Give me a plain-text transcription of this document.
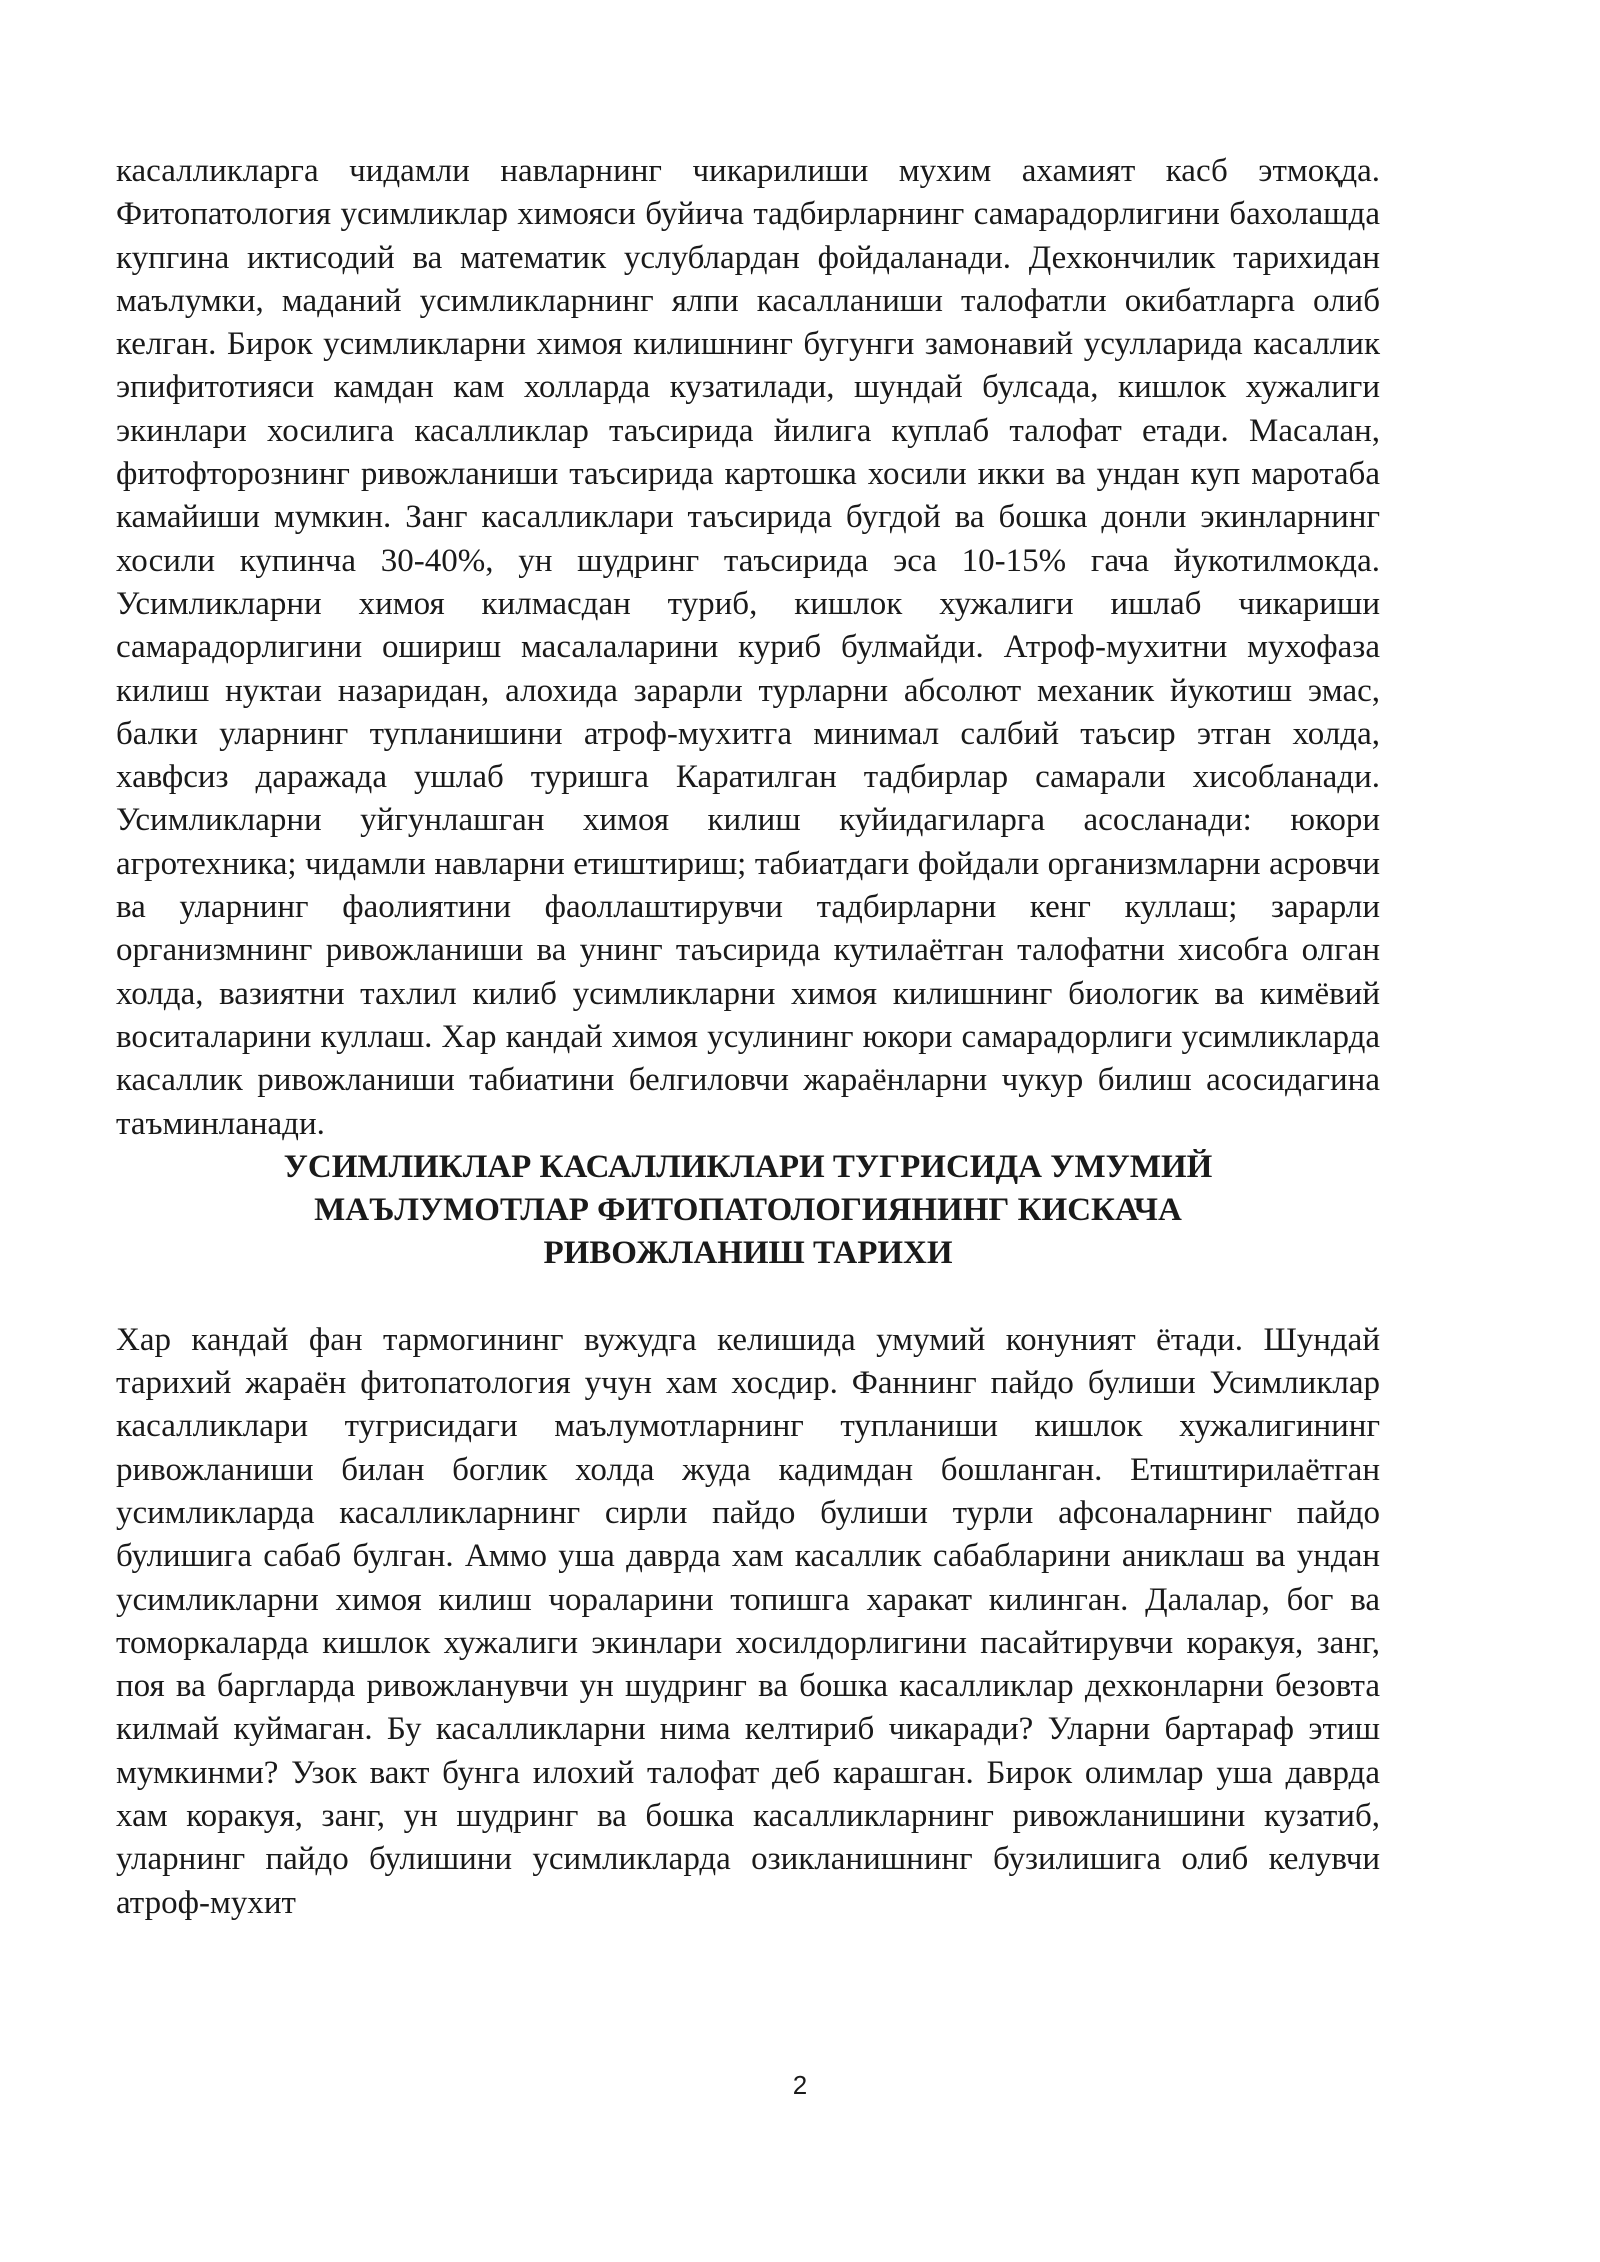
касалликларга чидамли навларнинг чикарилиши мухим ахамият касб этмоқда. Фитопатология усимликлар химояси буйича тадбирларнинг самарадорлигини бахолашда купгина иктисодий ва математик услублардан фойдаланади. Дехкончилик тарихидан маълумки, маданий усимликларнинг ялпи касалланиши талофатли окибатларга олиб келган. Бирок усимликларни химоя килишнинг бугунги замонавий усулларида касаллик эпифитотияси камдан кам холларда кузатилади, шундай булсада, кишлок хужалиги экинлари хосилига касалликлар таъсирида йилига куплаб талофат етади. Масалан, фитофторознинг ривожланиши таъсирида картошка хосили икки ва ундан куп маротаба камайиши мумкин. Занг касалликлари таъсирида бугдой ва бошка донли экинларнинг хосили купинча 30-40%, ун шудринг таъсирида эса 10-15% гача йукотилмокда. Усимликларни химоя килмасдан туриб, кишлок хужалиги ишлаб чикариши самарадорлигини ошириш масалаларини куриб булмайди. Атроф-мухитни мухофаза килиш нуктаи назаридан, алохида зарарли турларни абсолют механик йукотиш эмас, балки уларнинг тупланишини атроф-мухитга минимал салбий таъсир этган холда, хавфсиз даражада ушлаб туришга Каратилган тадбирлар самарали хисобланади. Усимликларни уйгунлашган химоя килиш куйидагиларга асосланади: юкори агротехника; чидамли навларни етиштириш; табиатдаги фойдали организмларни асровчи ва уларнинг фаолиятини фаоллаштирувчи тадбирларни кенг куллаш; зарарли организмнинг ривожланиши ва унинг таъсирида кутилаётган талофатни хисобга олган холда, вазиятни тахлил килиб усимликларни химоя килишнинг биологик ва кимёвий воситаларини куллаш. Хар кандай химоя усулининг юкори самарадорлиги усимликларда касаллик ривожланиши табиатини белгиловчи жараёнларни чукур билиш асосидагина таъминланади.

УСИМЛИКЛАР КАСАЛЛИКЛАРИ ТУГРИСИДА УМУМИЙ
МАЪЛУМОТЛАР ФИТОПАТОЛОГИЯНИНГ КИСКАЧА
РИВОЖЛАНИШ ТАРИХИ

Хар кандай фан тармогининг вужудга келишида умумий конуният ётади. Шундай тарихий жараён фитопатология учун хам хосдир. Фаннинг пайдо булиши Усимликлар касалликлари тугрисидаги маълумотларнинг тупланиши кишлок хужалигининг ривожланиши билан боглик холда жуда кадимдан бошланган. Етиштирилаётган усимликларда касалликларнинг сирли пайдо булиши турли афсоналарнинг пайдо булишига сабаб булган. Аммо уша даврда хам касаллик сабабларини аниклаш ва ундан усимликларни химоя килиш чораларини топишга харакат килинган. Далалар, бог ва томоркаларда кишлок хужалиги экинлари хосилдорлигини пасайтирувчи коракуя, занг, поя ва баргларда ривожланувчи ун шудринг ва бошка касалликлар дехконларни безовта килмай куймаган. Бу касалликларни нима келтириб чикаради? Уларни бартараф этиш мумкинми? Узок вакт бунга илохий талофат деб карашган. Бирок олимлар уша даврда хам коракуя, занг, ун шудринг ва бошка касалликларнинг ривожланишини кузатиб, уларнинг пайдо булишини усимликларда озикланишнинг бузилишига олиб келувчи атроф-мухит

2
